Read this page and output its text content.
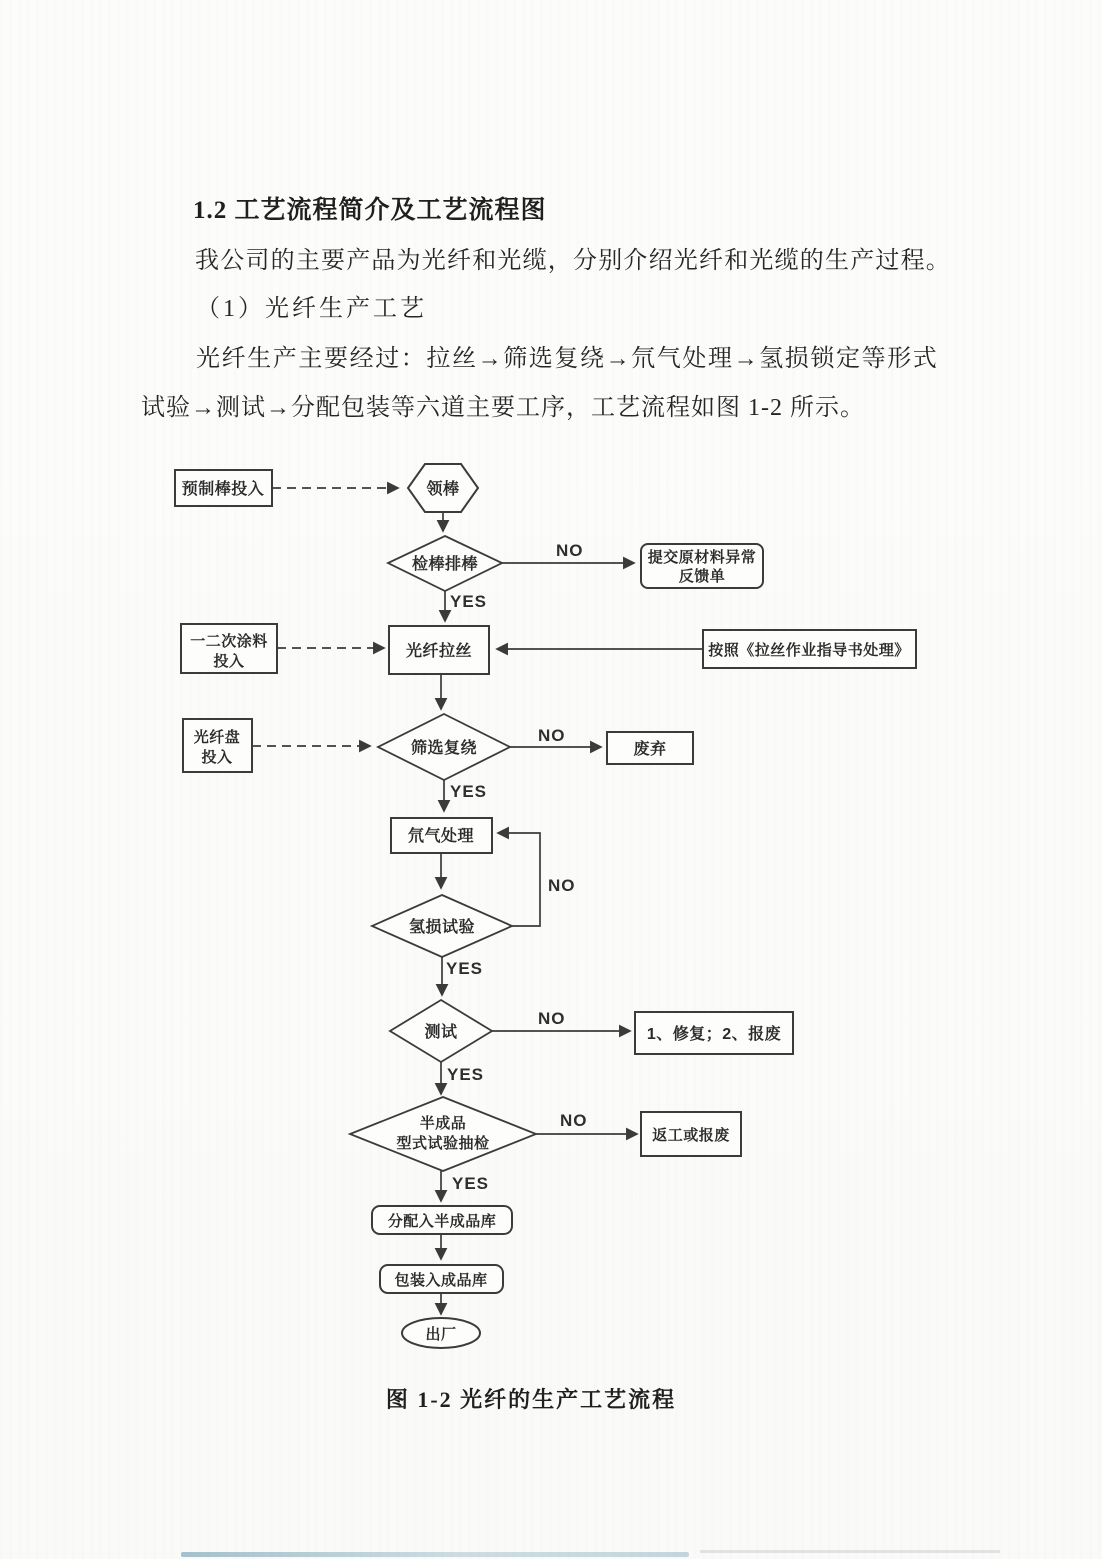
1.2 工艺流程简介及工艺流程图
我公司的主要产品为光纤和光缆，分别介绍光纤和光缆的生产过程。
（1）光纤生产工艺
光纤生产主要经过：拉丝→筛选复绕→氘气处理→氢损锁定等形式
试验→测试→分配包装等六道主要工序，工艺流程如图 1-2 所示。
预制棒投入	领棒
检棒排棒
NO	提交原材料异常
反馈单
YES
一二次涂料
投入
光纤拉丝	按照《拉丝作业指导书处理》
光纤盘
投入
筛选复绕
NO
废弃
YES
氘气处理
氢损试验
NO
YES
测试
NO
1、修复；2、报废
YES
半成品
型式试验抽检
NO
返工或报废
YES
分配入半成品库
包装入成品库
出厂
图 1-2 光纤的生产工艺流程
